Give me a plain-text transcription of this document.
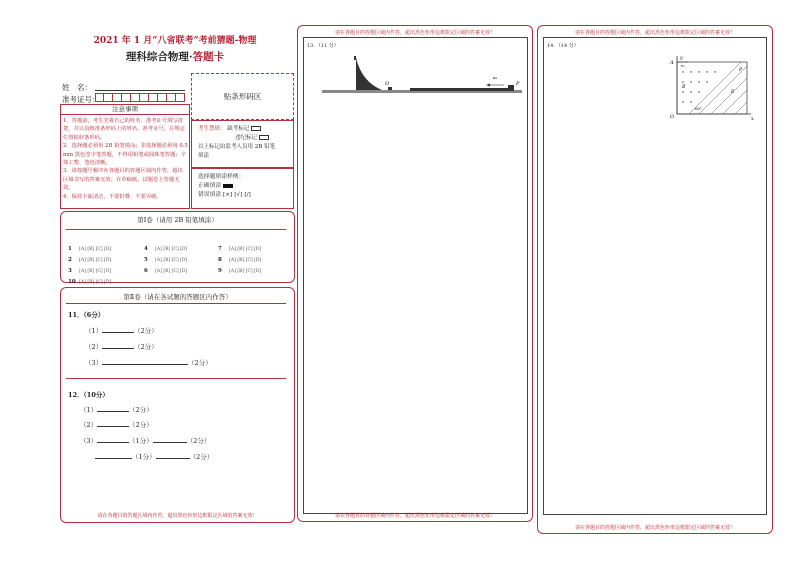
2021 年 1 月“八省联考”考前猜题-物理
理科综合物理·答题卡
姓　名：
准考证号：	贴条形码区
注意事项
1．答题前，考生先将自己的姓名、准考证号填写清楚，并认真核准条形码上的姓名、准考证号，在规定位置贴好条形码。
2．选择题必须用 2B 铅笔填涂；非选择题必须用 0.5 mm 黑色签字笔答题，不得用铅笔或圆珠笔答题；字体工整、笔迹清晰。
3．请按题号顺序在各题目的答题区域内作答，超出区域书写的答案无效；在草稿纸、试题卷上答题无效。
4．保持卡面清洁，不要折叠、不要弄破。
考生禁填： 缺考标记
违纪标记
以上标记由监考人员用 2B 铅笔
填涂
选择题填涂样例：
正确填涂
错误填涂 [×] [√] [/]
第Ⅰ卷（请用 2B 铅笔填涂）
1 [A] [B] [C] [D]
2 [A] [B] [C] [D]
3 [A] [B] [C] [D]
10 [A] [B] [C] [D]
4 [A] [B] [C] [D]
5 [A] [B] [C] [D]
6 [A] [B] [C] [D]
7 [A] [B] [C] [D]
8 [A] [B] [C] [D]
9 [A] [B] [C] [D]
第Ⅱ卷（请在各试题的答题区内作答）
11．（6分）
（1）	（2分）
（2）	（2分）
（3）	（2分）
12．（10分）
（1）	（2分）
（2）	（2分）
（3）	（1分）	（2分）
（1分）	（2分）
请在各题目的答题区域内作答，超出黑色矩形边框限定区域的答案无效！
请在各题目的答题区域内作答，超出黑色矩形边框限定区域的答案无效！
13．（11 分）
O
m
P
请在各题目的答题区域内作答，超出黑色矩形边框限定区域的答案无效！
请在各题目的答题区域内作答，超出黑色矩形边框限定区域的答案无效！
14．（14 分）
A
y
v₀
P
B
E
O	x
60°
请在各题目的答题区域内作答，超出黑色矩形边框限定区域的答案无效！
